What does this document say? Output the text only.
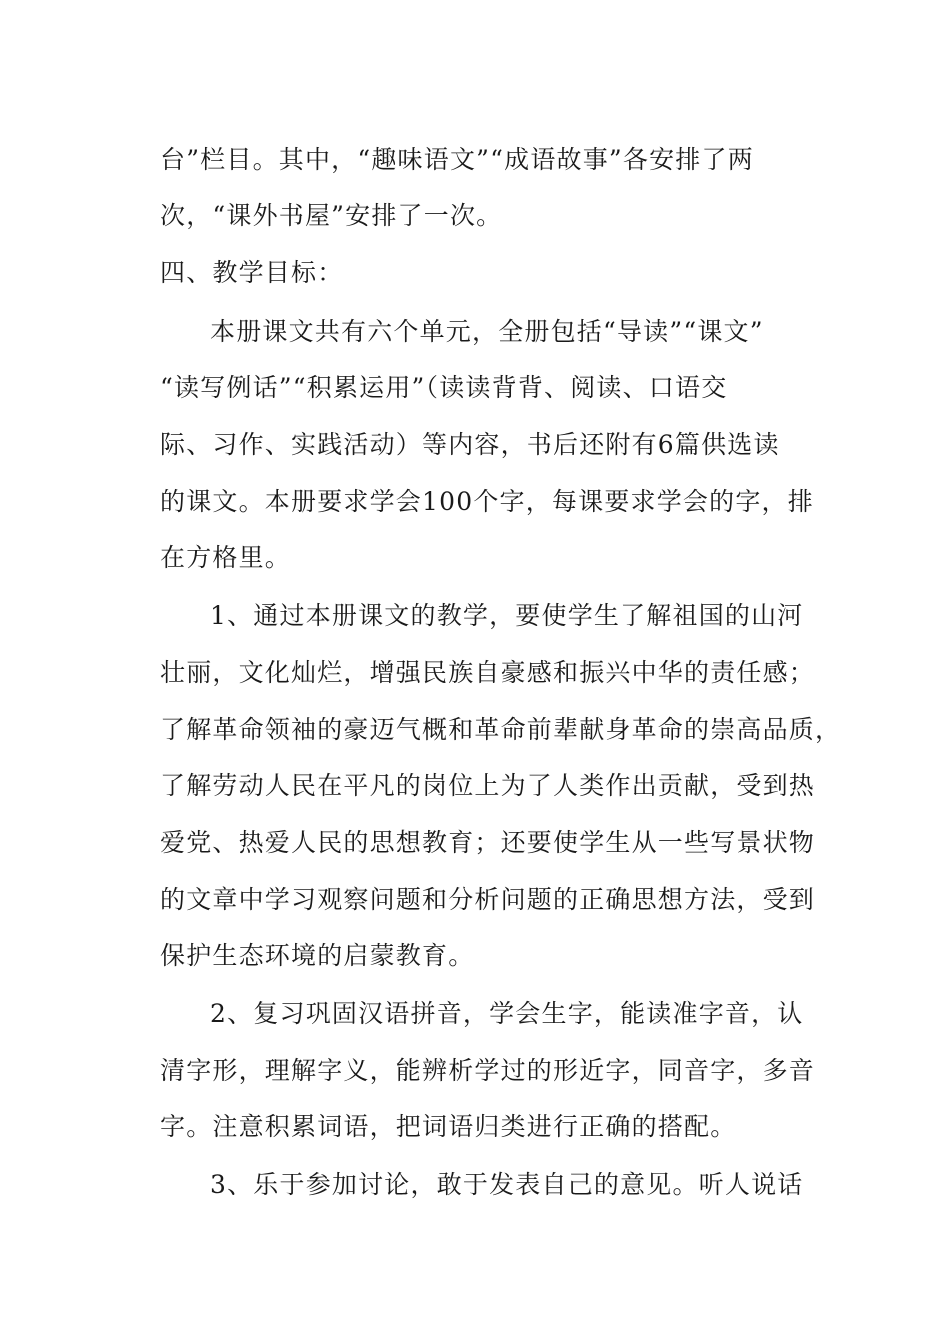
台”栏目。其中，“趣味语文”“成语故事”各安排了两
次，“课外书屋”安排了一次。
四、教学目标：
本册课文共有六个单元，全册包括“导读”“课文”
“读写例话”“积累运用”（读读背背、阅读、口语交
际、习作、实践活动）等内容，书后还附有6篇供选读
的课文。本册要求学会100个字，每课要求学会的字，排
在方格里。
1、通过本册课文的教学，要使学生了解祖国的山河
壮丽，文化灿烂，增强民族自豪感和振兴中华的责任感；
了解革命领袖的豪迈气概和革命前辈献身革命的崇高品质，
了解劳动人民在平凡的岗位上为了人类作出贡献，受到热
爱党、热爱人民的思想教育；还要使学生从一些写景状物
的文章中学习观察问题和分析问题的正确思想方法，受到
保护生态环境的启蒙教育。
2、复习巩固汉语拼音，学会生字，能读准字音，认
清字形，理解字义，能辨析学过的形近字，同音字，多音
字。注意积累词语，把词语归类进行正确的搭配。
3、乐于参加讨论，敢于发表自己的意见。听人说话
